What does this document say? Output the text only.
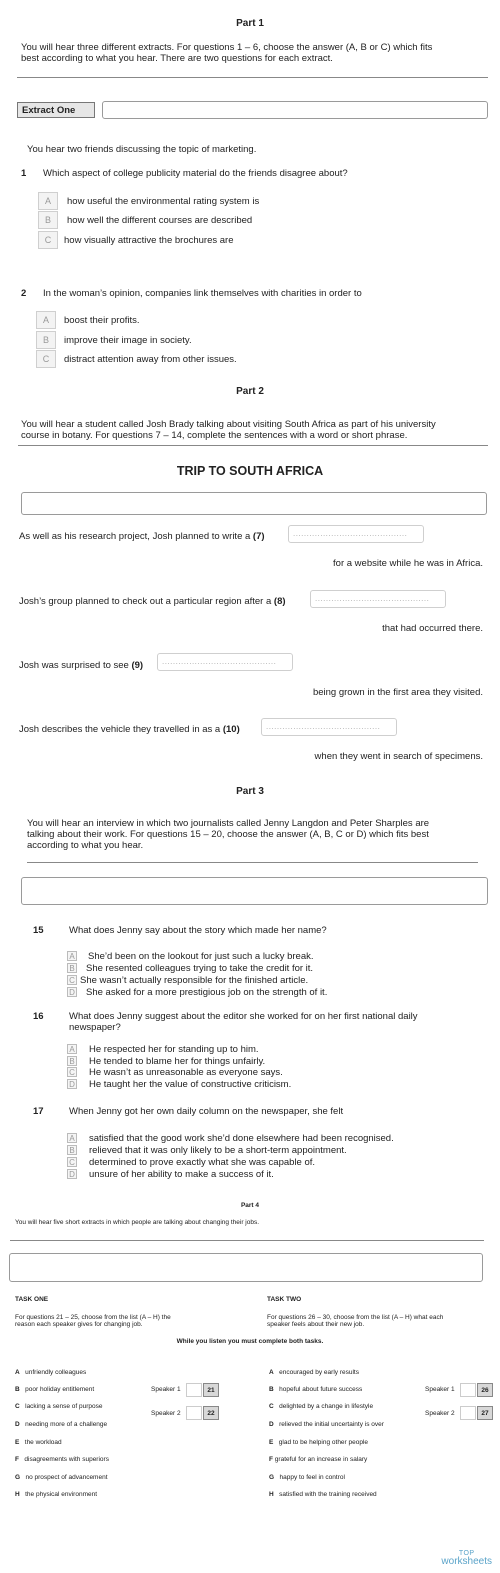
Part 1
You will hear three different extracts. For questions 1 – 6, choose the answer (A, B or C) which fits
best according to what you hear. There are two questions for each extract.
Extract One
You hear two friends discussing the topic of marketing.
1 Which aspect of college publicity material do the friends disagree about?
A	how useful the environmental rating system is
B	how well the different courses are described
C	how visually attractive the brochures are
2 In the woman’s opinion, companies link themselves with charities in order to
A	boost their profits.
B	improve their image in society.
C	distract attention away from other issues.
Part 2
You will hear a student called Josh Brady talking about visiting South Africa as part of his university
course in botany. For questions 7 – 14, complete the sentences with a word or short phrase.
TRIP TO SOUTH AFRICA
As well as his research project, Josh planned to write a (7)	..........................................
for a website while he was in Africa.
Josh’s group planned to check out a particular region after a (8)	..........................................
that had occurred there.
Josh was surprised to see (9)	..........................................
being grown in the first area they visited.
Josh describes the vehicle they travelled in as a (10)	..........................................
when they went in search of specimens.
Part 3
You will hear an interview in which two journalists called Jenny Langdon and Peter Sharples are
talking about their work. For questions 15 – 20, choose the answer (A, B, C or D) which fits best
according to what you hear.
15	What does Jenny say about the story which made her name?
A She’d been on the lookout for just such a lucky break.
B She resented colleagues trying to take the credit for it.
C She wasn’t actually responsible for the finished article.
D She asked for a more prestigious job on the strength of it.
16	What does Jenny suggest about the editor she worked for on her first national daily
newspaper?
A He respected her for standing up to him.
B He tended to blame her for things unfairly.
C He wasn’t as unreasonable as everyone says.
D He taught her the value of constructive criticism.
17	When Jenny got her own daily column on the newspaper, she felt
A satisfied that the good work she’d done elsewhere had been recognised.
B relieved that it was only likely to be a short-term appointment.
C determined to prove exactly what she was capable of.
D unsure of her ability to make a success of it.
Part 4
You will hear five short extracts in which people are talking about changing their jobs.
TASK ONE
For questions 21 – 25, choose from the list (A – H) the
reason each speaker gives for changing job.
TASK TWO
For questions 26 – 30, choose from the list (A – H) what each
speaker feels about their new job.
While you listen you must complete both tasks.
A unfriendly colleagues
B poor holiday entitlement
C lacking a sense of purpose
D needing more of a challenge
E the workload
F disagreements with superiors
G no prospect of advancement
H the physical environment
Speaker 1	21
Speaker 2	22
A encouraged by early results
B hopeful about future success
C delighted by a change in lifestyle
D relieved the initial uncertainty is over
E glad to be helping other people
F grateful for an increase in salary
G happy to feel in control
H satisfied with the training received
Speaker 1	26
Speaker 2	27
TOP
worksheets
